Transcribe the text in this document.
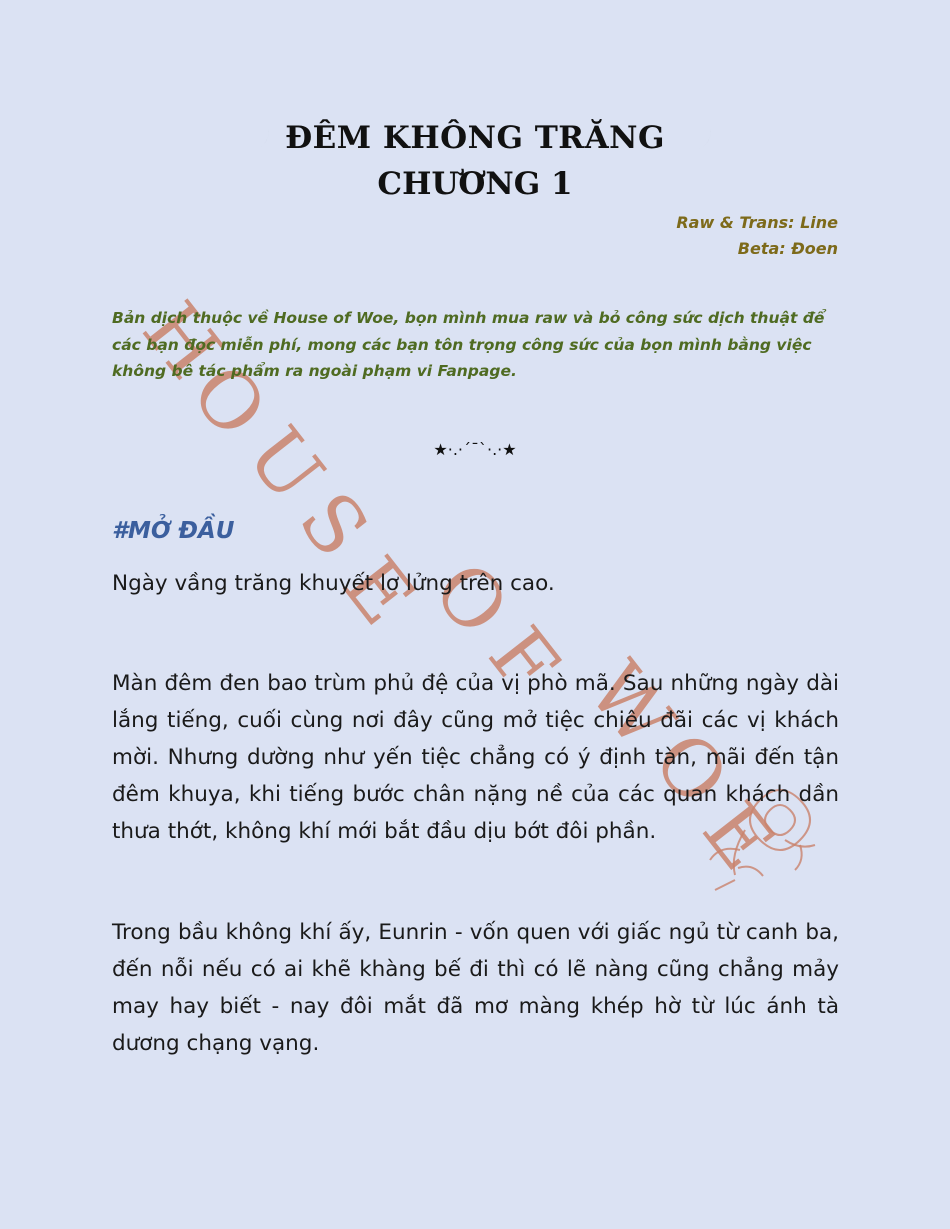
H
O
U
S
E
O
F
W
O
E
ĐÊM KHÔNG TRĂNG
CHƯƠNG 1
Raw & Trans: Line
Beta: Đoen
Bản dịch thuộc về House of Woe, bọn mình mua raw và bỏ công sức dịch thuật để các bạn đọc miễn phí, mong các bạn tôn trọng công sức của bọn mình bằng việc không bê tác phẩm ra ngoài phạm vi Fanpage.
★·.·´¯`·.·★
#MỞ ĐẦU
Ngày vầng trăng khuyết lơ lửng trên cao.
Màn đêm đen bao trùm phủ đệ của vị phò mã. Sau những ngày dài lắng tiếng, cuối cùng nơi đây cũng mở tiệc chiêu đãi các vị khách mời. Nhưng dường như yến tiệc chẳng có ý định tàn, mãi đến tận đêm khuya, khi tiếng bước chân nặng nề của các quan khách dần thưa thớt, không khí mới bắt đầu dịu bớt đôi phần.
Trong bầu không khí ấy, Eunrin - vốn quen với giấc ngủ từ canh ba, đến nỗi nếu có ai khẽ khàng bế đi thì có lẽ nàng cũng chẳng mảy may hay biết - nay đôi mắt đã mơ màng khép hờ từ lúc ánh tà dương chạng vạng.
